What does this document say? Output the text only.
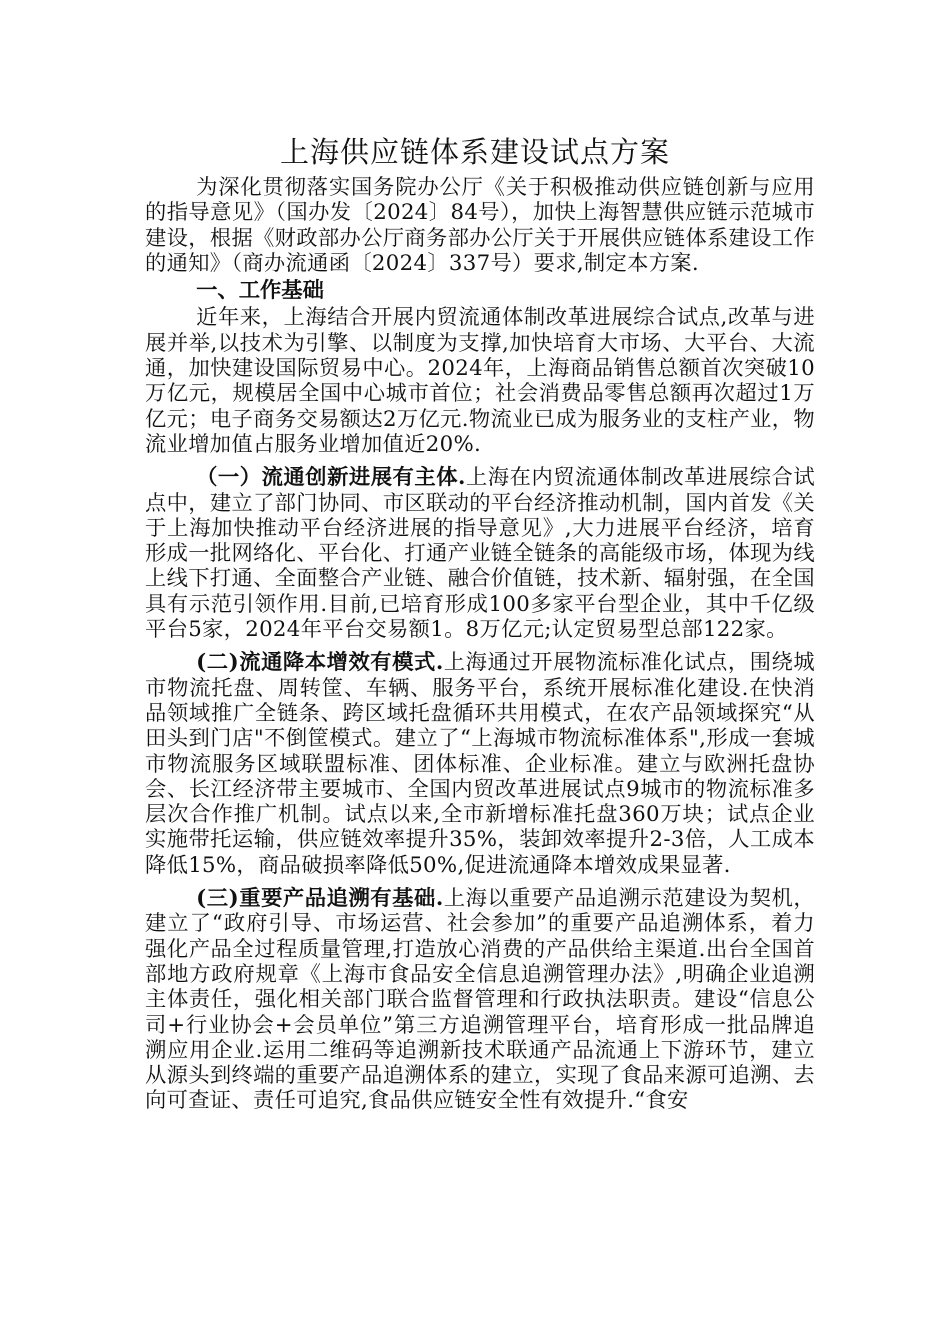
上海供应链体系建设试点方案

为深化贯彻落实国务院办公厅《关于积极推动供应链创新与应用的指导意见》（国办发〔2024〕84号），加快上海智慧供应链示范城市建设，根据《财政部办公厅商务部办公厅关于开展供应链体系建设工作的通知》（商办流通函〔2024〕337号）要求,制定本方案.

一、工作基础

近年来，上海结合开展内贸流通体制改革进展综合试点,改革与进展并举,以技术为引擎、以制度为支撑,加快培育大市场、大平台、大流通，加快建设国际贸易中心。2024年，上海商品销售总额首次突破10万亿元，规模居全国中心城市首位；社会消费品零售总额再次超过1万亿元；电子商务交易额达2万亿元.物流业已成为服务业的支柱产业，物流业增加值占服务业增加值近20%.

（一）流通创新进展有主体.上海在内贸流通体制改革进展综合试点中，建立了部门协同、市区联动的平台经济推动机制，国内首发《关于上海加快推动平台经济进展的指导意见》,大力进展平台经济，培育形成一批网络化、平台化、打通产业链全链条的高能级市场，体现为线上线下打通、全面整合产业链、融合价值链，技术新、辐射强，在全国具有示范引领作用.目前,已培育形成100多家平台型企业，其中千亿级平台5家，2024年平台交易额1。8万亿元;认定贸易型总部122家。

(二)流通降本增效有模式.上海通过开展物流标准化试点，围绕城市物流托盘、周转筐、车辆、服务平台，系统开展标准化建设.在快消品领域推广全链条、跨区域托盘循环共用模式，在农产品领域探究“从田头到门店"不倒筐模式。建立了“上海城市物流标准体系",形成一套城市物流服务区域联盟标准、团体标准、企业标准。建立与欧洲托盘协会、长江经济带主要城市、全国内贸改革进展试点9城市的物流标准多层次合作推广机制。试点以来,全市新增标准托盘360万块；试点企业实施带托运输，供应链效率提升35%，装卸效率提升2-3倍，人工成本降低15%，商品破损率降低50%,促进流通降本增效成果显著.

(三)重要产品追溯有基础.上海以重要产品追溯示范建设为契机，建立了“政府引导、市场运营、社会参加”的重要产品追溯体系，着力强化产品全过程质量管理,打造放心消费的产品供给主渠道.出台全国首部地方政府规章《上海市食品安全信息追溯管理办法》,明确企业追溯主体责任，强化相关部门联合监督管理和行政执法职责。建设“信息公司+行业协会+会员单位”第三方追溯管理平台，培育形成一批品牌追溯应用企业.运用二维码等追溯新技术联通产品流通上下游环节，建立从源头到终端的重要产品追溯体系的建立，实现了食品来源可追溯、去向可查证、责任可追究,食品供应链安全性有效提升.“食安
